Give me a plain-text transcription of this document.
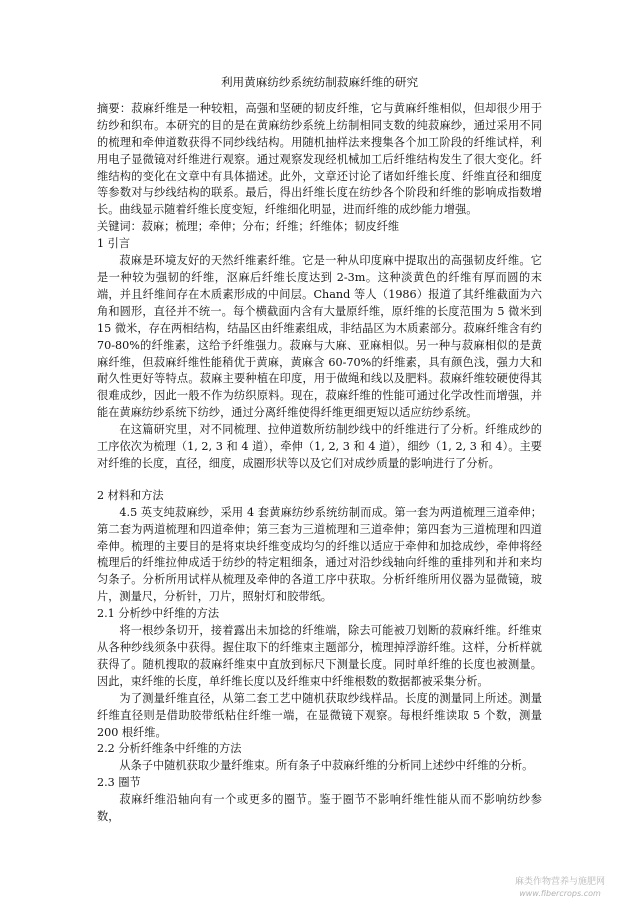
利用黄麻纺纱系统纺制菽麻纤维的研究

摘要：菽麻纤维是一种较粗，高强和坚硬的韧皮纤维，它与黄麻纤维相似，但却很少用于纺纱和织布。本研究的目的是在黄麻纺纱系统上纺制相同支数的纯菽麻纱，通过采用不同的梳理和牵伸道数获得不同纱线结构。用随机抽样法来搜集各个加工阶段的纤维试样，利用电子显微镜对纤维进行观察。通过观察发现经机械加工后纤维结构发生了很大变化。纤维结构的变化在文章中有具体描述。此外，文章还讨论了诸如纤维长度、纤维直径和细度等参数对与纱线结构的联系。最后，得出纤维长度在纺纱各个阶段和纤维的影响成指数增长。曲线显示随着纤维长度变短，纤维细化明显，进而纤维的成纱能力增强。

关键词：菽麻；梳理；牵伸；分布；纤维；纤维体；韧皮纤维

1 引言

菽麻是环境友好的天然纤维素纤维。它是一种从印度麻中提取出的高强韧皮纤维。它是一种较为强韧的纤维，沤麻后纤维长度达到 2-3m。这种淡黄色的纤维有厚而圆的末端，并且纤维间存在木质素形成的中间层。Chand 等人（1986）报道了其纤维截面为六角和圆形，直径并不统一。每个横截面内含有大量原纤维，原纤维的长度范围为 5 微米到 15 微米，存在两相结构，结晶区由纤维素组成，非结晶区为木质素部分。菽麻纤维含有约 70-80%的纤维素，这给予纤维强力。菽麻与大麻、亚麻相似。另一种与菽麻相似的是黄麻纤维，但菽麻纤维性能稍优于黄麻，黄麻含 60-70%的纤维素，具有颜色浅，强力大和耐久性更好等特点。菽麻主要种植在印度，用于做绳和线以及肥料。菽麻纤维较硬使得其很难成纱，因此一般不作为纺织原料。现在，菽麻纤维的性能可通过化学改性而增强，并能在黄麻纺纱系统下纺纱，通过分离纤维使得纤维更细更短以适应纺纱系统。

在这篇研究里，对不同梳理、拉伸道数所纺制纱线中的纤维进行了分析。纤维成纱的工序依次为梳理（1, 2, 3 和 4 道），牵伸（1, 2, 3 和 4 道），细纱（1, 2, 3 和 4）。主要对纤维的长度，直径，细度，成圈形状等以及它们对成纱质量的影响进行了分析。

2 材料和方法

4.5 英支纯菽麻纱，采用 4 套黄麻纺纱系统纺制而成。第一套为两道梳理三道牵伸；第二套为两道梳理和四道牵伸；第三套为三道梳理和三道牵伸；第四套为三道梳理和四道牵伸。梳理的主要目的是将束块纤维变成均匀的纤维以适应于牵伸和加捻成纱，牵伸将经梳理后的纤维拉伸成适于纺纱的特定粗细条，通过对沿纱线轴向纤维的重排列和并和来均匀条子。分析所用试样从梳理及牵伸的各道工序中获取。分析纤维所用仪器为显微镜，玻片，测量尺，分析针，刀片，照射灯和胶带纸。

2.1 分析纱中纤维的方法

将一根纱条切开，接着露出未加捻的纤维端，除去可能被刀划断的菽麻纤维。纤维束从各种纱线须条中获得。握住取下的纤维束主题部分，梳理掉浮游纤维。这样，分析样就获得了。随机搜取的菽麻纤维束中直放到标尺下测量长度。同时单纤维的长度也被测量。因此，束纤维的长度，单纤维长度以及纤维束中纤维根数的数据都被采集分析。

为了测量纤维直径，从第二套工艺中随机获取纱线样品。长度的测量同上所述。测量纤维直径则是借助胶带纸粘住纤维一端，在显微镜下观察。每根纤维读取 5 个数，测量 200 根纤维。

2.2 分析纤维条中纤维的方法

从条子中随机获取少量纤维束。所有条子中菽麻纤维的分析同上述纱中纤维的分析。

2.3 圈节

菽麻纤维沿轴向有一个或更多的圈节。鉴于圈节不影响纤维性能从而不影响纺纱参数，

麻类作物营养与施肥网
www.fibercrops.com
